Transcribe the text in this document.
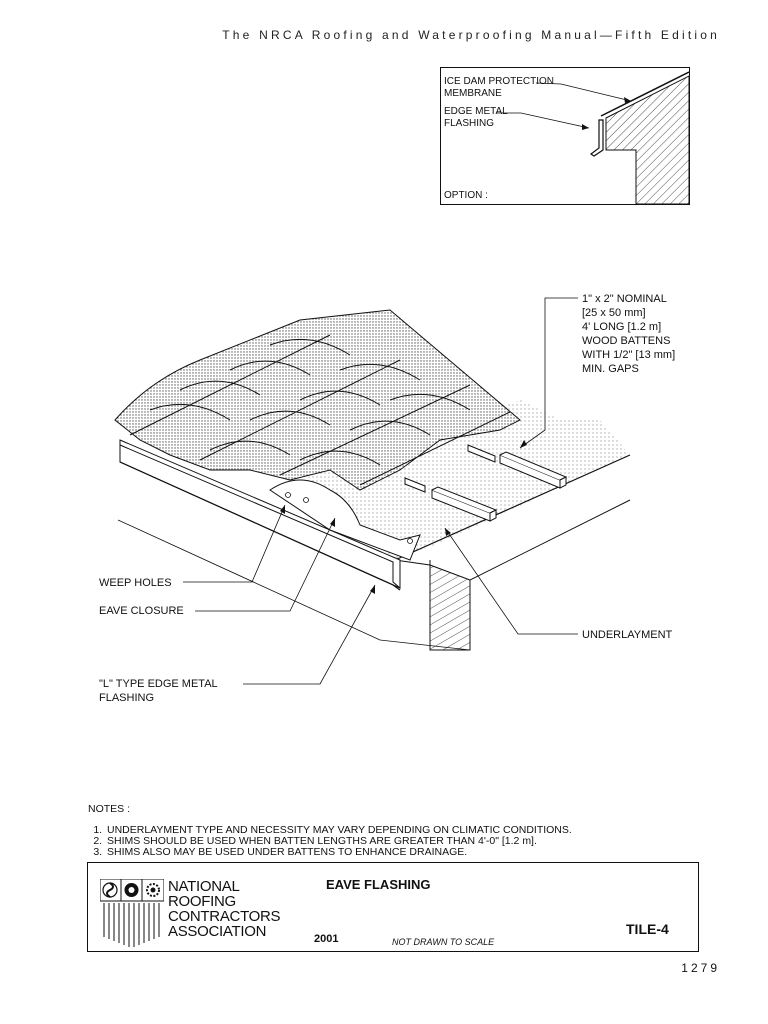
The NRCA Roofing and Waterproofing Manual—Fifth Edition
ICE DAM PROTECTION
MEMBRANE
EDGE METAL
FLASHING
OPTION :
1" x 2" NOMINAL
[25 x 50 mm]
4' LONG [1.2 m]
WOOD BATTENS
WITH 1/2" [13 mm]
MIN. GAPS
WEEP HOLES
EAVE CLOSURE
UNDERLAYMENT
"L" TYPE EDGE METAL
FLASHING
NOTES :
1. UNDERLAYMENT TYPE AND NECESSITY MAY VARY DEPENDING ON CLIMATIC CONDITIONS.
2. SHIMS SHOULD BE USED WHEN BATTEN LENGTHS ARE GREATER THAN 4'-0" [1.2 m].
3. SHIMS ALSO MAY BE USED UNDER BATTENS TO ENHANCE DRAINAGE.
NATIONAL
ROOFING
CONTRACTORS
ASSOCIATION
EAVE FLASHING
2001	NOT DRAWN TO SCALE
TILE-4
1279
